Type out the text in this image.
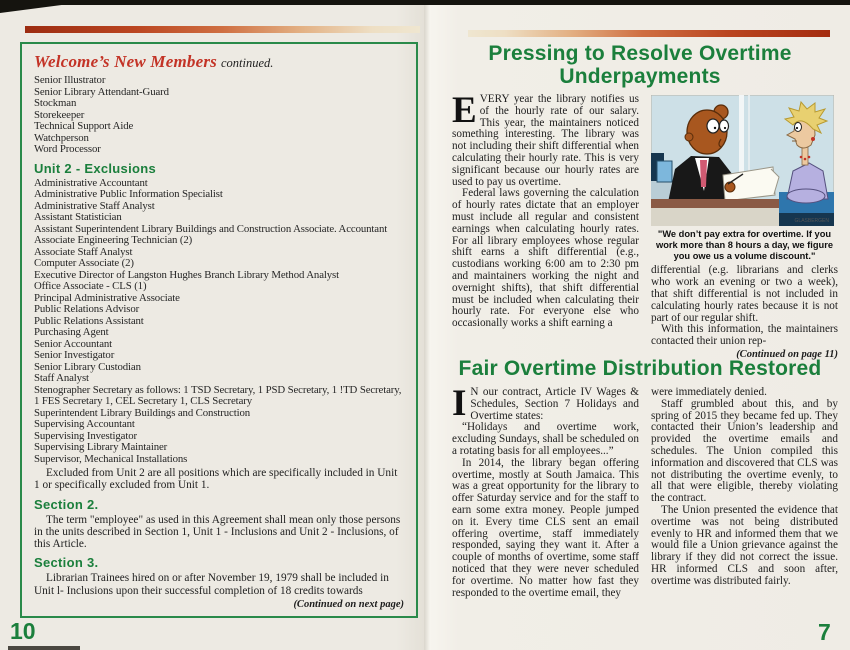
Welcome’s New Members continued.
Senior Illustrator
Senior Library Attendant-Guard
Stockman
Storekeeper
Technical Support Aide
Watchperson
Word Processor
Unit 2 - Exclusions
Administrative Accountant
Administrative Public Information Specialist
Administrative Staff Analyst
Assistant Statistician
Assistant Superintendent Library Buildings and Construction Associate. Accountant
Associate Engineering Technician (2)
Associate Staff Analyst
Computer Associate (2)
Executive Director of Langston Hughes Branch Library Method Analyst
Office Associate - CLS (1)
Principal Administrative Associate
Public Relations Advisor
Public Relations Assistant
Purchasing Agent
Senior Accountant
Senior Investigator
Senior Library Custodian
Staff Analyst
Stenographer Secretary as follows: 1 TSD Secretary, 1 PSD Secretary, 1 !TD Secretary, 1 FES Secretary 1, CEL Secretary 1, CLS Secretary
Superintendent Library Buildings and Construction
Supervising Accountant
Supervising Investigator
Supervising Library Maintainer
Supervisor, Mechanical Installations
Excluded from Unit 2 are all positions which are specifically included in Unit 1 or specifically excluded from Unit 1.
Section 2.
The term "employee" as used in this Agreement shall mean only those persons in the units described in Section 1, Unit 1 - Inclusions and Unit 2 - Inclusions, of this Article.
Section 3.
Librarian Trainees hired on or after November 19, 1979 shall be included in Unit l- Inclusions upon their successful completion of 18 credits towards
(Continued on next page)
Pressing to Resolve Overtime
Underpayments

EVERY year the library notifies us of the hourly rate of our salary. This year, the maintainers noticed something interesting. The library was not including their shift differential when calculating their hourly rate. This is very significant because our hourly rates are used to pay us overtime.

Federal laws governing the calculation of hourly rates dictate that an employer must include all regular and consistent earnings when calculating hourly rates. For all library employees whose regular shift earns a shift differential (e.g., custodians working 6:00 am to 2:30 pm and maintainers working the night and overnight shifts), that shift differential must be included when calculating their hourly rate. For everyone else who occasionally works a shift earning a

GLASBERGEN
"We don’t pay extra for overtime. If you work more than 8 hours a day, we figure you owe us a volume discount."

differential (e.g. librarians and clerks who work an evening or two a week), that shift differential is not included in calculating hourly rates because it is not part of our regular shift.

With this information, the maintainers contacted their union rep-

(Continued on page 11)
Fair Overtime Distribution Restored

I N our contract, Article IV Wages & Schedules, Section 7 Holidays and Overtime states:

“Holidays and overtime work, excluding Sundays, shall be scheduled on a rotating basis for all employees...”

In 2014, the library began offering overtime, mostly at South Jamaica. This was a great opportunity for the library to offer Saturday service and for the staff to earn some extra money. People jumped on it. Every time CLS sent an email offering overtime, staff immediately responded, saying they want it. After a couple of months of overtime, some staff noticed that they were never scheduled for overtime. No matter how fast they responded to the overtime email, they

were immediately denied.

Staff grumbled about this, and by spring of 2015 they became fed up. They contacted their Union’s leadership and provided the overtime emails and schedules. The Union compiled this information and discovered that CLS was not distributing the overtime evenly, to all that were eligible, thereby violating the contract.

The Union presented the evidence that overtime was not being distributed evenly to HR and informed them that we would file a Union grievance against the library if they did not correct the issue. HR informed CLS and soon after, overtime was distributed fairly.

10	7
